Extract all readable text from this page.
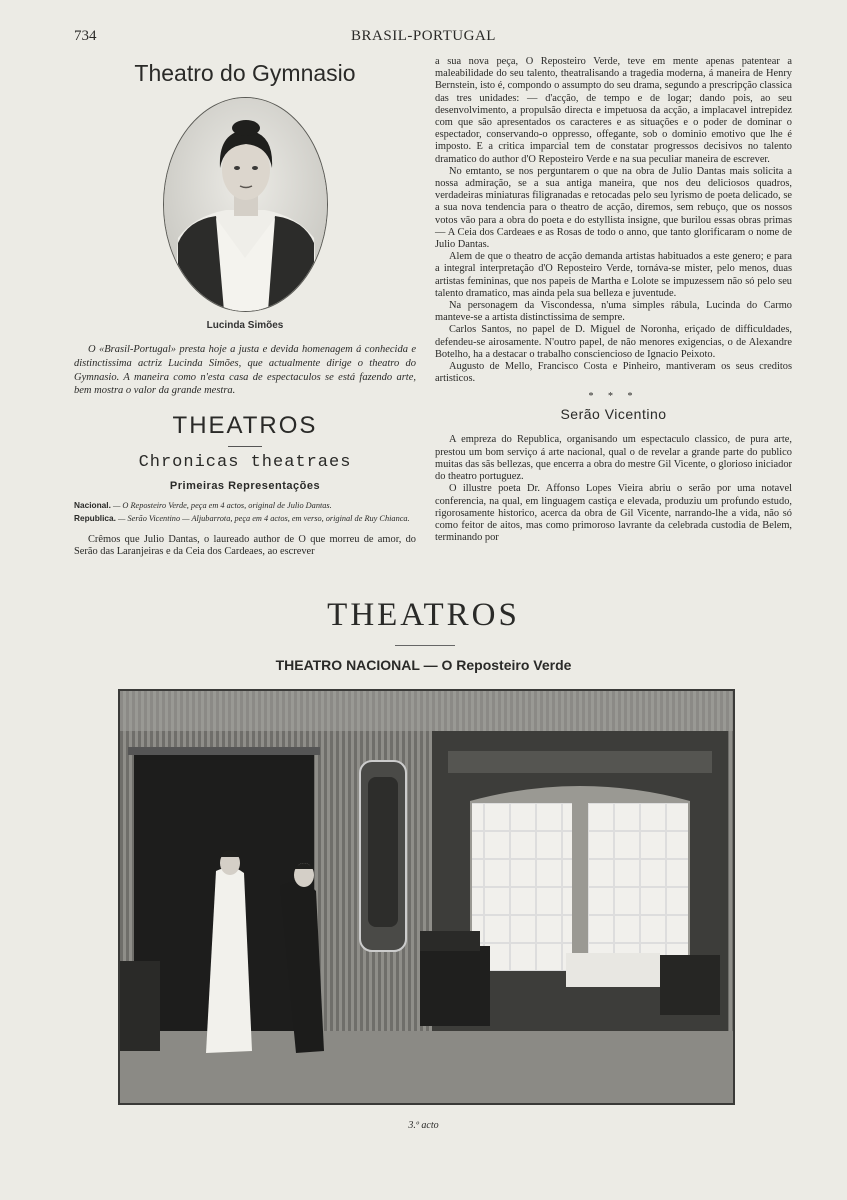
734	BRASIL-PORTUGAL
Theatro do Gymnasio
Lucinda Simões

O «Brasil-Portugal» presta hoje a justa e devida homenagem á conhecida e distinctissima actriz Lucinda Simões, que actualmente dirige o theatro do Gymnasio. A maneira como n'esta casa de espectaculos se está fazendo arte, bem mostra o valor da grande mestra.

THEATROS
Chronicas theatraes
Primeiras Representações

Nacional. — O Reposteiro Verde, peça em 4 actos, original de Julio Dantas.

Republica. — Serão Vicentino — Aljubarrota, peça em 4 actos, em verso, original de Ruy Chianca.

Crêmos que Julio Dantas, o laureado author de O que morreu de amor, do Serão das Laranjeiras e da Ceia dos Cardeaes, ao escrever

a sua nova peça, O Reposteiro Verde, teve em mente apenas patentear a maleabilidade do seu talento, theatralisando a tragedia moderna, á maneira de Henry Bernstein, isto é, compondo o assumpto do seu drama, segundo a prescripção classica das tres unidades: — d'acção, de tempo e de logar; dando pois, ao seu desenvolvimento, a propulsão directa e impetuosa da acção, a implacavel intrepidez com que são apresentados os caracteres e as situações e o poder de dominar o espectador, conservando-o oppresso, offegante, sob o dominio emotivo que lhe é imposto. E a critica imparcial tem de constatar progressos decisivos no talento dramatico do author d'O Reposteiro Verde e na sua peculiar maneira de escrever.

No emtanto, se nos perguntarem o que na obra de Julio Dantas mais solicita a nossa admiração, se a sua antiga maneira, que nos deu deliciosos quadros, verdadeiras miniaturas filigranadas e retocadas pelo seu lyrismo de poeta delicado, se a sua nova tendencia para o theatro de acção, diremos, sem rebuço, que os nossos votos vão para a obra do poeta e do estyllista insigne, que burilou essas obras primas — A Ceia dos Cardeaes e as Rosas de todo o anno, que tanto glorificaram o nome de Julio Dantas.

Alem de que o theatro de acção demanda artistas habituados a este genero; e para a integral interpretação d'O Reposteiro Verde, tornáva-se mister, pelo menos, duas artistas femininas, que nos papeis de Martha e Lolote se impuzessem não só pelo seu talento dramatico, mas ainda pela sua belleza e juventude.

Na personagem da Viscondessa, n'uma simples rábula, Lucinda do Carmo manteve-se a artista distinctissima de sempre.

Carlos Santos, no papel de D. Miguel de Noronha, eriçado de difficuldades, defendeu-se airosamente. N'outro papel, de não menores exigencias, o de Alexandre Botelho, ha a destacar o trabalho consciencioso de Ignacio Peixoto.

Augusto de Mello, Francisco Costa e Pinheiro, mantiveram os seus creditos artisticos.

* * *
Serão Vicentino

A empreza do Republica, organisando um espectaculo classico, de pura arte, prestou um bom serviço á arte nacional, qual o de revelar a grande parte do publico muitas das sãs bellezas, que encerra a obra do mestre Gil Vicente, o glorioso iniciador do theatro portuguez.

O illustre poeta Dr. Affonso Lopes Vieira abriu o serão por uma notavel conferencia, na qual, em linguagem castiça e elevada, produziu um profundo estudo, rigorosamente historico, acerca da obra de Gil Vicente, narrando-lhe a vida, não só como feitor de aitos, mas como primoroso lavrante da celebrada custodia de Belem, terminando por

THEATROS
THEATRO NACIONAL — O Reposteiro Verde
3.º acto
